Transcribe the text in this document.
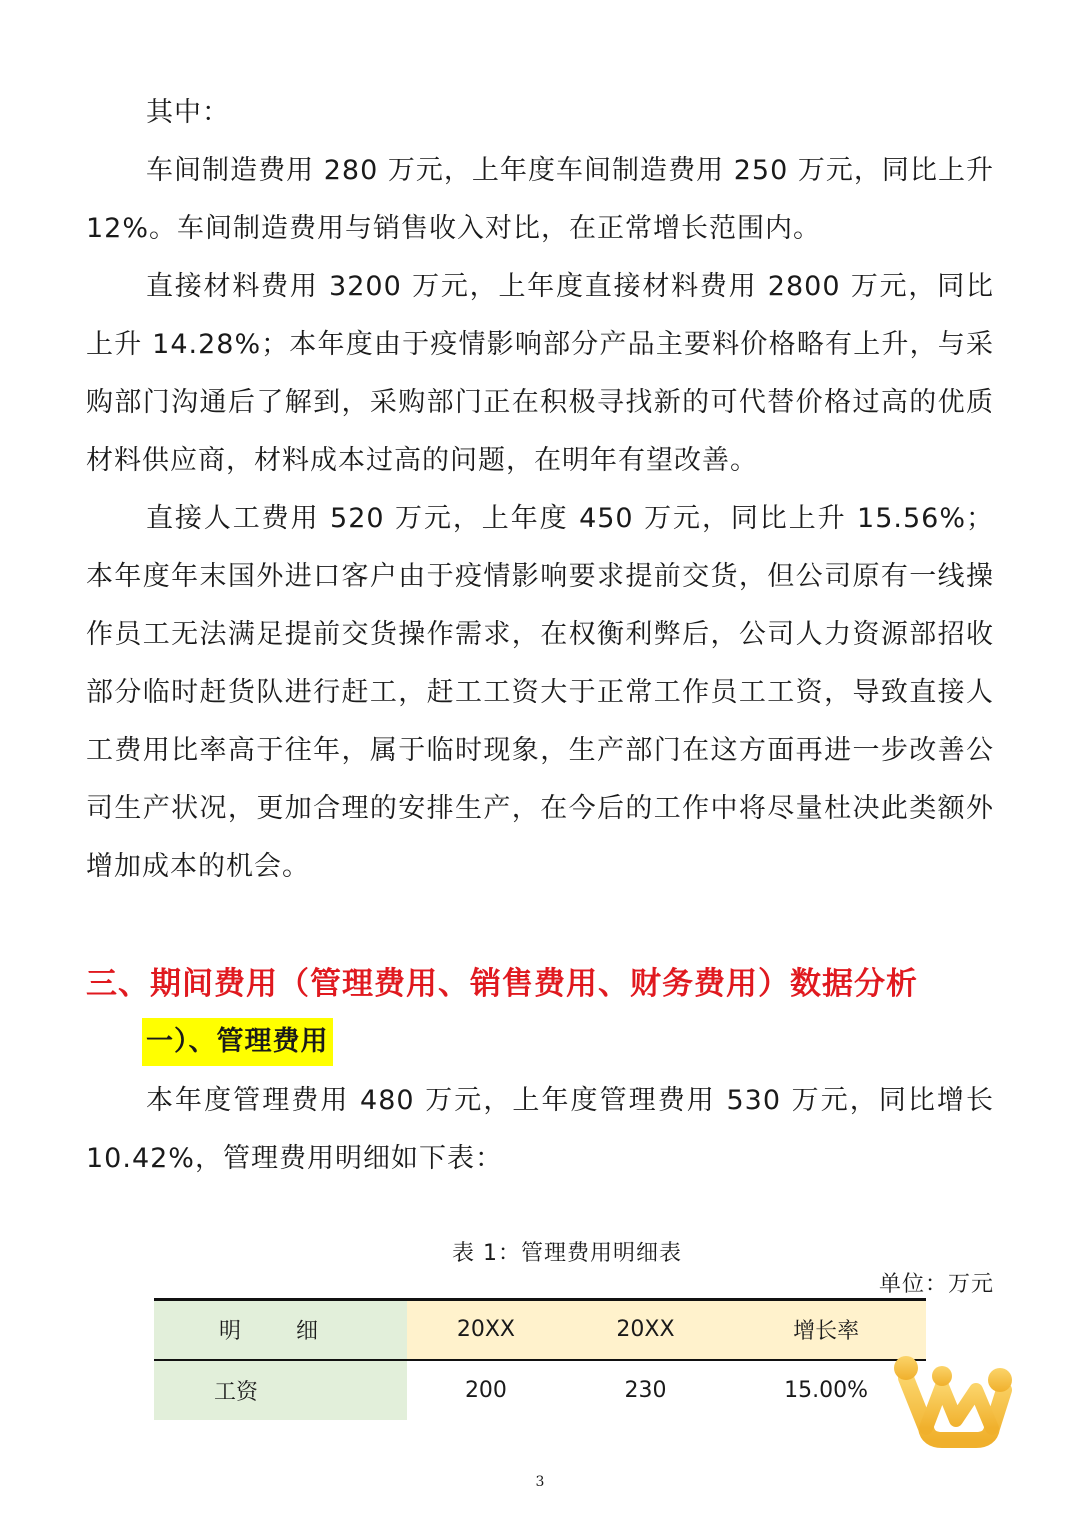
其中：

车间制造费用 280 万元，上年度车间制造费用 250 万元，同比上升 12%。车间制造费用与销售收入对比，在正常增长范围内。

直接材料费用 3200 万元，上年度直接材料费用 2800 万元，同比上升 14.28%；本年度由于疫情影响部分产品主要料价格略有上升，与采购部门沟通后了解到，采购部门正在积极寻找新的可代替价格过高的优质材料供应商，材料成本过高的问题，在明年有望改善。

直接人工费用 520 万元，上年度 450 万元，同比上升 15.56%；本年度年末国外进口客户由于疫情影响要求提前交货，但公司原有一线操作员工无法满足提前交货操作需求，在权衡利弊后，公司人力资源部招收部分临时赶货队进行赶工，赶工工资大于正常工作员工工资，导致直接人工费用比率高于往年，属于临时现象，生产部门在这方面再进一步改善公司生产状况，更加合理的安排生产，在今后的工作中将尽量杜决此类额外增加成本的机会。

三、期间费用（管理费用、销售费用、财务费用）数据分析
一）、管理费用

本年度管理费用 480 万元，上年度管理费用 530 万元，同比增长 10.42%，管理费用明细如下表：

表 1：管理费用明细表
单位：万元
明 细	20XX	20XX	增长率
工资	200	230	15.00%
3
